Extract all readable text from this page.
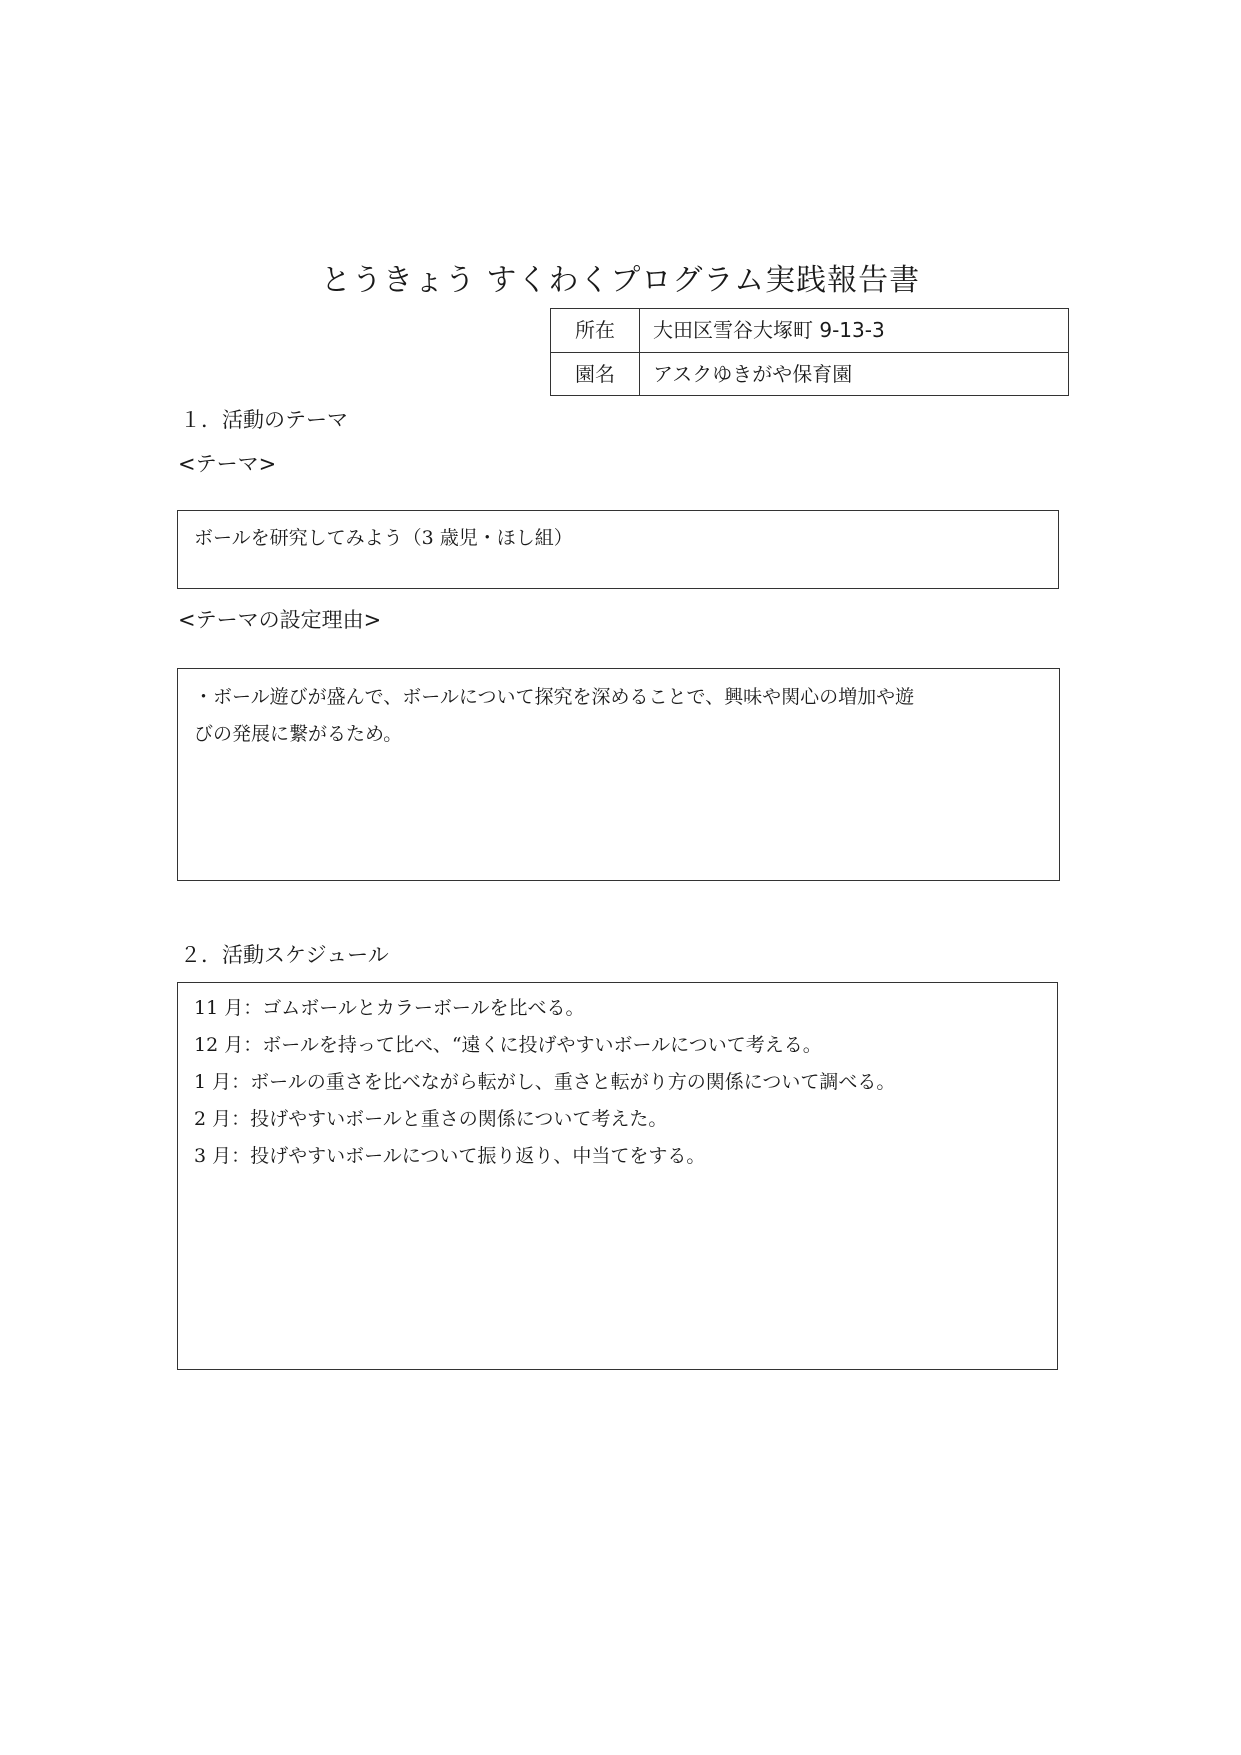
とうきょう すくわくプログラム実践報告書
所在	大田区雪谷大塚町 9-13-3
園名	アスクゆきがや保育園
１．活動のテーマ
<テーマ>
ボールを研究してみよう（3 歳児・ほし組）
<テーマの設定理由>
・ボール遊びが盛んで、ボールについて探究を深めることで、興味や関心の増加や遊
びの発展に繋がるため。
２．活動スケジュール
11 月：ゴムボールとカラーボールを比べる。
12 月：ボールを持って比べ、“遠くに投げやすいボールについて考える。
1 月：ボールの重さを比べながら転がし、重さと転がり方の関係について調べる。
2 月：投げやすいボールと重さの関係について考えた。
3 月：投げやすいボールについて振り返り、中当てをする。
